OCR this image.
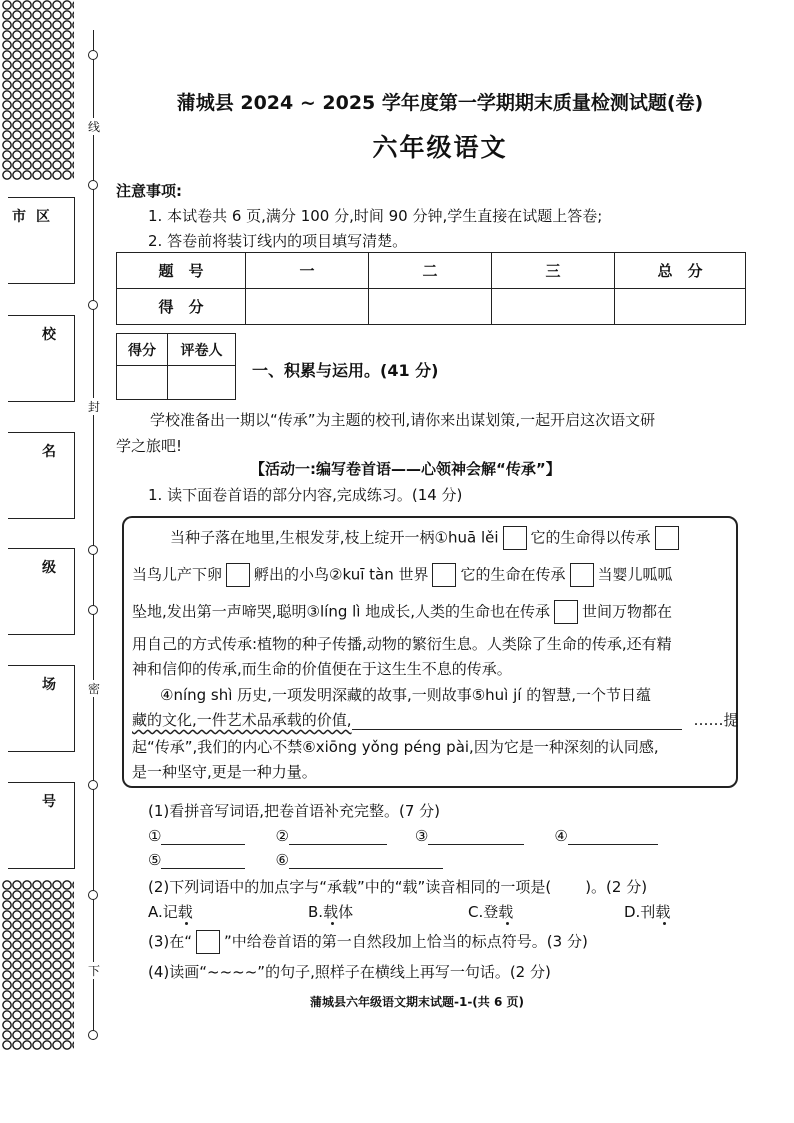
线
封
密
下
市区
校
名
级
场
号
蒲城县 2024 ~ 2025 学年度第一学期期末质量检测试题(卷)
六年级语文
注意事项:
1. 本试卷共 6 页,满分 100 分,时间 90 分钟,学生直接在试题上答卷;
2. 答卷前将装订线内的项目填写清楚。
题　号	一	二	三	总　分
得　分				
得分	评卷人

一、积累与运用。(41 分)
学校准备出一期以“传承”为主题的校刊,请你来出谋划策,一起开启这次语文研
学之旅吧!
【活动一:编写卷首语——心领神会解“传承”】
1. 读下面卷首语的部分内容,完成练习。(14 分)
当种子落在地里,生根发芽,枝上绽开一柄①huā lěi 它的生命得以传承
当鸟儿产下卵 孵出的小鸟②kuī tàn 世界 它的生命在传承 当婴儿呱呱
坠地,发出第一声啼哭,聪明③líng lì 地成长,人类的生命也在传承 世间万物都在
用自己的方式传承:植物的种子传播,动物的繁衍生息。人类除了生命的传承,还有精
神和信仰的传承,而生命的价值便在于这生生不息的传承。
④níng shì 历史,一项发明深藏的故事,一则故事⑤huì jí 的智慧,一个节日蕴
藏的文化,一件艺术品承载的价值,	……提
起“传承”,我们的内心不禁⑥xiōng yǒng péng pài,因为它是一种深刻的认同感,
是一种坚守,更是一种力量。
(1)看拼音写词语,把卷首语补充完整。(7 分)
①	②	③	④
⑤	⑥
(2)下列词语中的加点字与“承载”中的“载”读音相同的一项是( )。(2 分)
A.记载	B.载体	C.登载	D.刊载
(3)在“ ”中给卷首语的第一自然段加上恰当的标点符号。(3 分)
(4)读画“~~~~”的句子,照样子在横线上再写一句话。(2 分)
蒲城县六年级语文期末试题-1-(共 6 页)
